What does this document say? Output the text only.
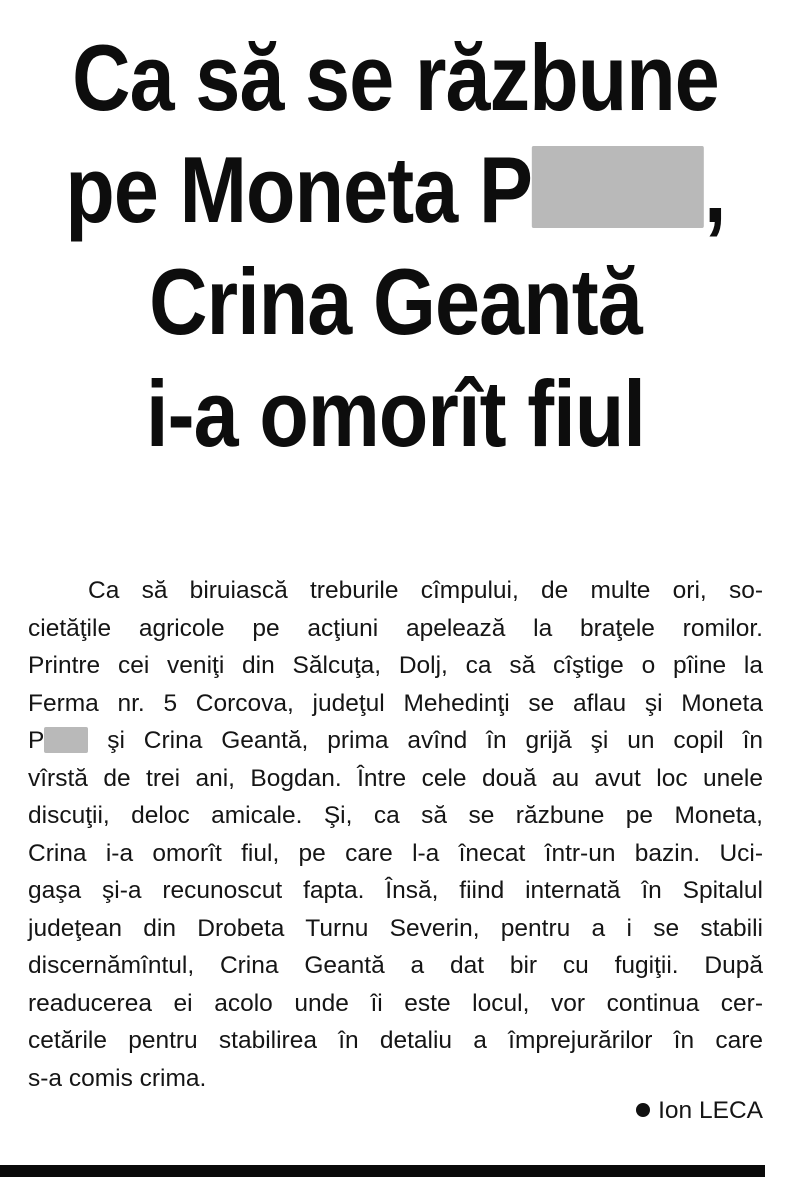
Ca să se răzbune
pe Moneta P ,
Crina Geantă
i-a omorît fiul
Ca să biruiască treburile cîmpului, de multe ori, so-
cietăţile agricole pe acţiuni apelează la braţele romilor.
Printre cei veniţi din Sălcuţa, Dolj, ca să cîştige o pîine la
Ferma nr. 5 Corcova, judeţul Mehedinţi se aflau şi Moneta
P	şi Crina Geantă, prima avînd în grijă şi un copil în
vîrstă de trei ani, Bogdan. Între cele două au avut loc unele
discuţii, deloc amicale. Şi, ca să se răzbune pe Moneta,
Crina i-a omorît fiul, pe care l-a înecat într-un bazin. Uci-
gaşa şi-a recunoscut fapta. Însă, fiind internată în Spitalul
judeţean din Drobeta Turnu Severin, pentru a i se stabili
discernămîntul, Crina Geantă a dat bir cu fugiţii. După
readucerea ei acolo unde îi este locul, vor continua cer-
cetările pentru stabilirea în detaliu a împrejurărilor în care
s-a comis crima.
Ion LECA
